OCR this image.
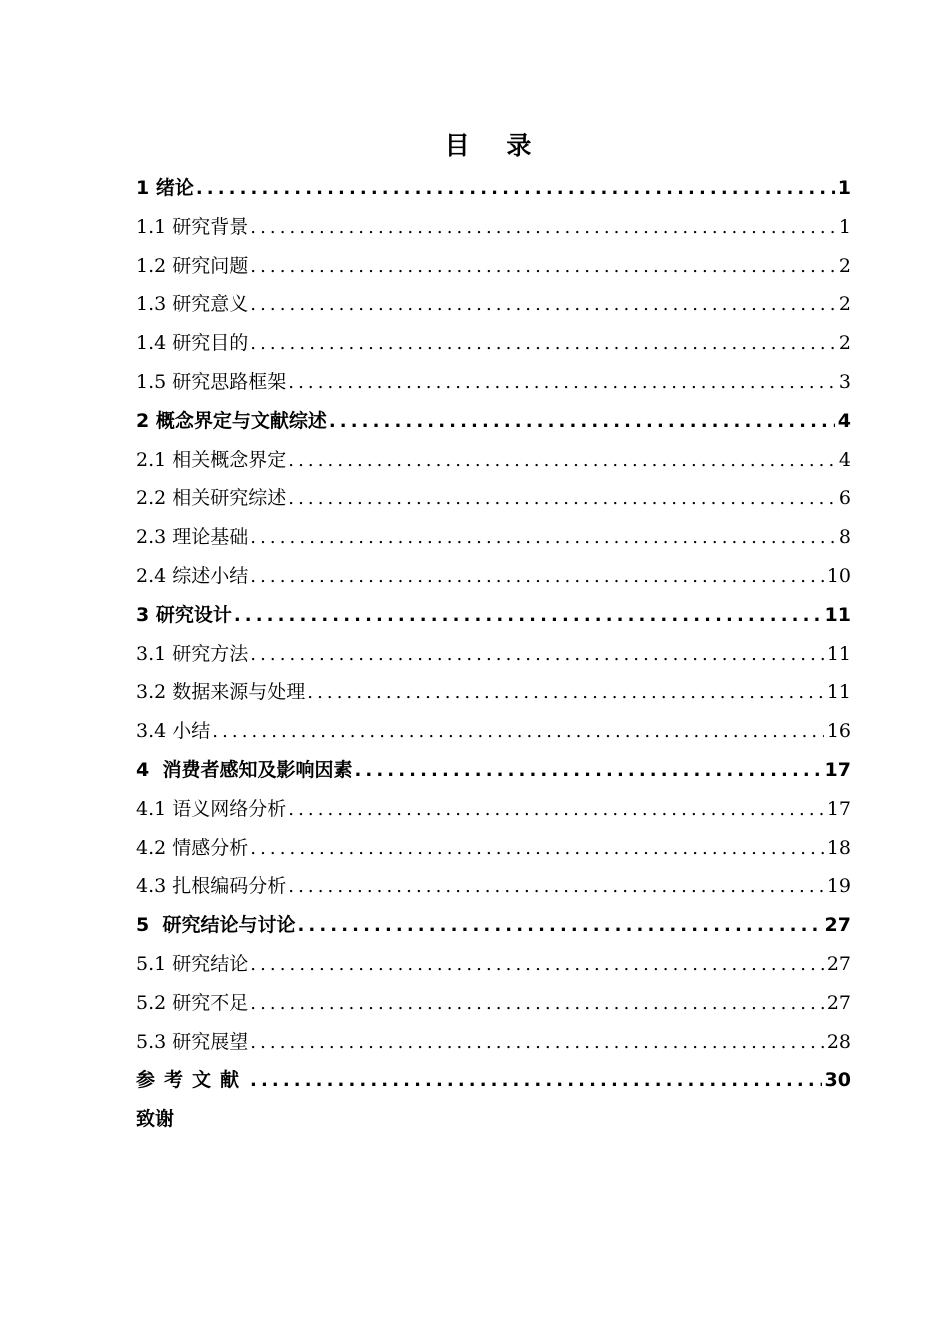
目 录
1 绪论 .....	1
1.1 研究背景 .....	1
1.2 研究问题 .....	2
1.3 研究意义 .....	2
1.4 研究目的 .....	2
1.5 研究思路框架 .....	3
2 概念界定与文献综述 .....	4
2.1 相关概念界定 .....	4
2.2 相关研究综述 .....	6
2.3 理论基础 .....	8
2.4 综述小结 .....	10
3 研究设计 .....	11
3.1 研究方法 .....	11
3.2 数据来源与处理 .....	11
3.4 小结 .....	16
4  消费者感知及影响因素 .....	17
4.1 语义网络分析 .....	17
4.2 情感分析 .....	18
4.3 扎根编码分析 .....	19
5  研究结论与讨论 .....	27
5.1 研究结论 .....	27
5.2 研究不足 .....	27
5.3 研究展望 .....	28
参考文献 .....	30
致谢
